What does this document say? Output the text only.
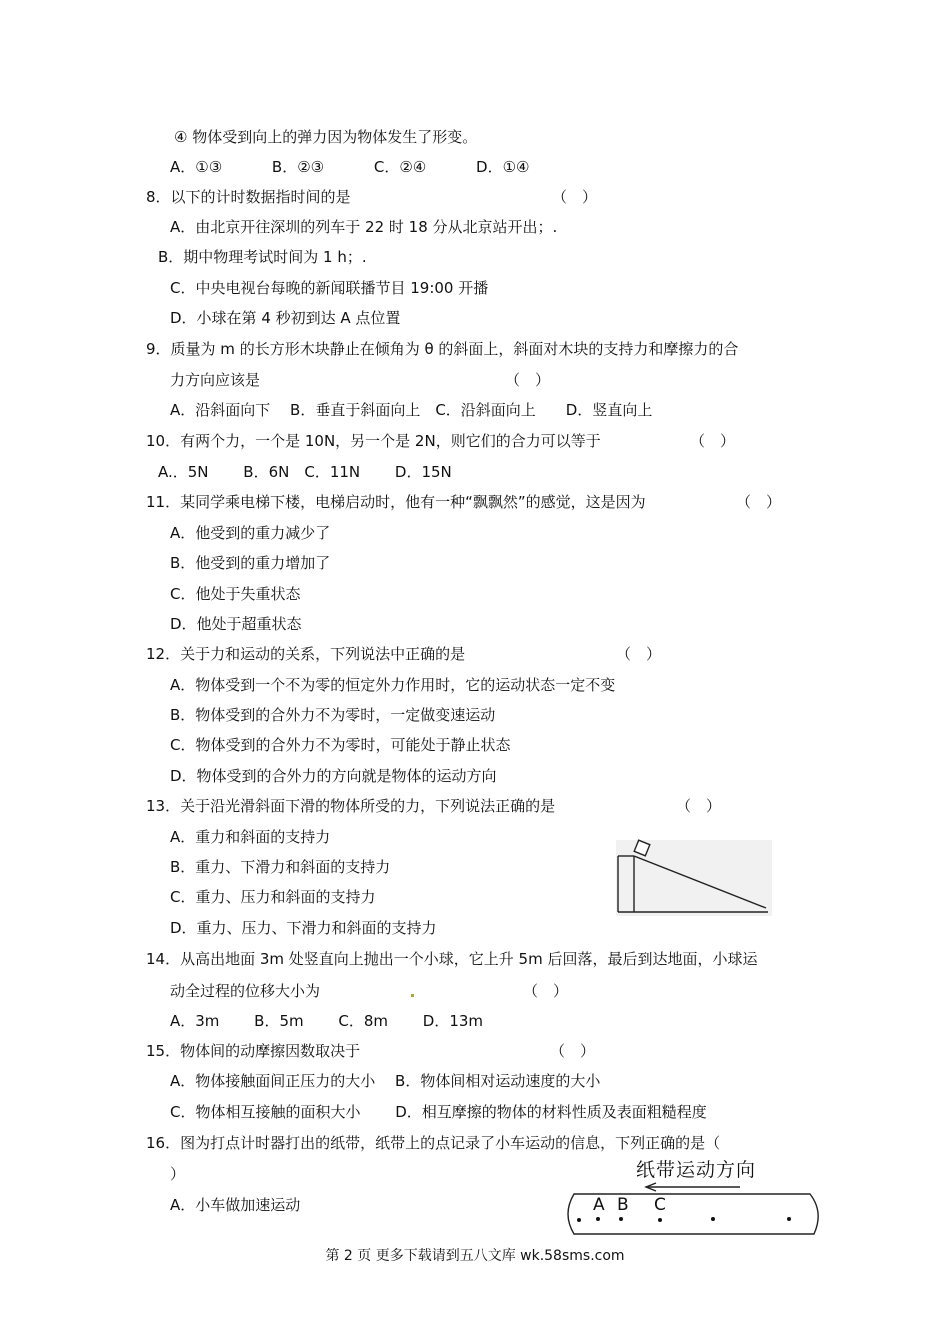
④ 物体受到向上的弹力因为物体发生了形变。
A．①③　　　 B．②③　　　 C．②④　　　 D．①④
8．以下的计时数据指时间的是	（　）
A．由北京开往深圳的列车于 22 时 18 分从北京站开出；.
B．期中物理考试时间为 1 h；.
C．中央电视台每晚的新闻联播节目 19:00 开播
D．小球在第 4 秒初到达 A 点位置
9．质量为 m 的长方形木块静止在倾角为 θ 的斜面上，斜面对木块的支持力和摩擦力的合
力方向应该是	（　）
A．沿斜面向下　 B．垂直于斜面向上　C．沿斜面向上　　D．竖直向上
10．有两个力，一个是 10N，另一个是 2N，则它们的合力可以等于	（　）
A.．5N　　 B．6N　C．11N　　 D．15N
11．某同学乘电梯下楼，电梯启动时，他有一种“飘飘然”的感觉，这是因为	（　）
A．他受到的重力减少了
B．他受到的重力增加了
C．他处于失重状态
D．他处于超重状态
12．关于力和运动的关系，下列说法中正确的是	（　）
A．物体受到一个不为零的恒定外力作用时，它的运动状态一定不变
B．物体受到的合外力不为零时，一定做变速运动
C．物体受到的合外力不为零时，可能处于静止状态
D．物体受到的合外力的方向就是物体的运动方向
13．关于沿光滑斜面下滑的物体所受的力，下列说法正确的是	（　）
A．重力和斜面的支持力
B．重力、下滑力和斜面的支持力
C．重力、压力和斜面的支持力
D．重力、压力、下滑力和斜面的支持力
14．从高出地面 3m 处竖直向上抛出一个小球，它上升 5m 后回落，最后到达地面，小球运
动全过程的位移大小为	（　）
A．3m　　 B．5m　　 C．8m　　 D．13m
15．物体间的动摩擦因数取决于	（　）
A．物体接触面间正压力的大小　 B．物体间相对运动速度的大小
C．物体相互接触的面积大小　　 D．相互摩擦的物体的材料性质及表面粗糙程度
16．图为打点计时器打出的纸带，纸带上的点记录了小车运动的信息，下列正确的是（
）
A．小车做加速运动
纸带运动方向
A B C
第 2 页 更多下载请到五八文库 wk.58sms.com
